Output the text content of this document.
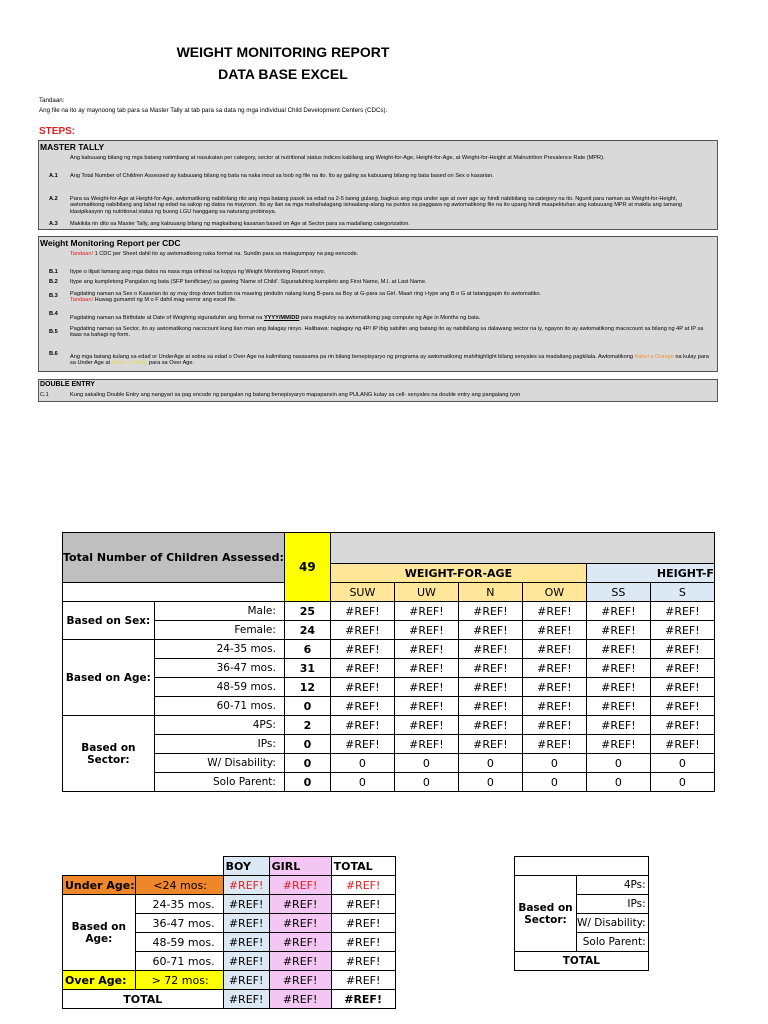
WEIGHT MONITORING REPORT
DATA BASE EXCEL
Tandaan:
Ang file na ito ay maynoong tab para sa Master Tally at tab para sa data ng mga individual Child Development Centers (CDCs).
STEPS:
MASTER TALLY
Ang kabuuang bilang ng mga batang natimbang at nasukatan per category, sector at nutritional status indices kabilang ang Weight-for-Age, Height-for-Age, at Weight-for-Height at Malnutrition Prevalence Rate (MPR).
A.1 Ang Total Number of Children Assessed ay kabuuang bilang ng bata na naka inout sa loob ng file na ito. Ito ay galing sa kabuuang bilang ng bata based on Sex o kasarian.
A.2 Para sa Weight-for-Age at Height-for-Age, awtomatikong nabibilang rito ang mga batang pasok sa edad na 2-5 taong gulang, bagkus ang mga under age at over age ay hindi nabibilang sa category na ito. Ngunit para naman sa Weight-for-Height, awtomatikong nabibilang ang lahat ng edad na sakop ng datos na mayroon. Ito ay ilan sa mga mahahalagang isinaalang-alang na puntos sa paggawa ng awtomatikong file na ito upang hindi maapektuhan ang kabuuang MPR at makita ang tamang klasipikasyon ng nutritional status ng buong LGU hanggang sa naturang probinsya.
A.3 Makikita rin dito sa Master Tally, ang kabuuang bilang ng magkaibang kasarian based on Age at Sector para sa madaliang categorization.
Weight Monitoring Report per CDC
Tandaan! 1 CDC per Sheet dahil ito ay awtomatikong naka format na. Sundin para sa matagumpay na pag eencode.
B.1 Itype o ilipat lamang ang mga datos na nasa mga orihinal na kopya ng Weight Monitoring Report ninyo.
B.2 Itype ang kumpletong Pangalan ng bata (SFP benificiary) sa gawing 'Name of Child'. Siguraduhing kumpleto ang First Name, M.I. at Last Name.
B.3 Pagdating naman sa Sex o Kasarian ito ay may drop down button na maaring pindutin nalang kung B-para sa Boy at G-para sa Girl. Maari ring i-type ang B o G at tatanggapin ito awtomatiko.
Tandaan! Huwag gumamit ng M o F dahil mag eerror ang excel file.
B.4
Pagdating naman sa Birthdate at Date of Weighing siguraduhin ang format na YYYY/MM/DD para magtuloy sa awtomatikong pag compute ng Age in Months ng bata.
B.5 Pagdating naman sa Sector, ito ay awtomatikong nacocount kung ilan man ang ilalagay ninyo. Halibawa: naglagay ng 4P/ IP ibig sabihin ang batang ito ay nabibilang sa dalawang sector na iy, ngayon ito ay awtomatikong macocount sa bilang ng 4P at IP sa itaas na bahagi ng form.
B.6 Ang mga batang kulang sa edad or UnderAge at sobra sa edad o Over Age na kalimitang nasasama pa rin bilang benepisyaryo ng programa ay awtomatikong mahihighlight bilang senyales sa madaliang pagkilala. Awtomatikong Kahel o Orange na kulay para sa Under Age at Dilaw o Yellow para sa Over Age.
DOUBLE ENTRY
C.1	Kung sakaling Double Entry ang nangyari sa pag encode ng pangalan ng batang benepisyaryo mapapansin ang PULANG kulay sa cell- senyales na double entry ang pangalang iyon
Total Number of Children Assessed:		49						
			WEIGHT-FOR-AGE				HEIGHT-F	
			SUW	UW	N	OW	SS	S
Based on Sex:	Male:	25	#REF!	#REF!	#REF!	#REF!	#REF!	#REF!
	Female:	24	#REF!	#REF!	#REF!	#REF!	#REF!	#REF!
Based on Age:	24-35 mos.	6	#REF!	#REF!	#REF!	#REF!	#REF!	#REF!
	36-47 mos.	31	#REF!	#REF!	#REF!	#REF!	#REF!	#REF!
	48-59 mos.	12	#REF!	#REF!	#REF!	#REF!	#REF!	#REF!
	60-71 mos.	0	#REF!	#REF!	#REF!	#REF!	#REF!	#REF!
Based on Sector:	4PS:	2	#REF!	#REF!	#REF!	#REF!	#REF!	#REF!
	IPs:	0	#REF!	#REF!	#REF!	#REF!	#REF!	#REF!
	W/ Disability:	0	0	0	0	0	0	0
	Solo Parent:	0	0	0	0	0	0	0
		BOY	GIRL	TOTAL
Under Age:	<24 mos:	#REF!	#REF!	#REF!
Based on Age:	24-35 mos.	#REF!	#REF!	#REF!
	36-47 mos.	#REF!	#REF!	#REF!
	48-59 mos.	#REF!	#REF!	#REF!
	60-71 mos.	#REF!	#REF!	#REF!
Over Age:	> 72 mos:	#REF!	#REF!	#REF!
TOTAL		#REF!	#REF!	#REF!

Based on Sector:	4Ps:
IPs:
W/ Disability:
Solo Parent:
TOTAL
